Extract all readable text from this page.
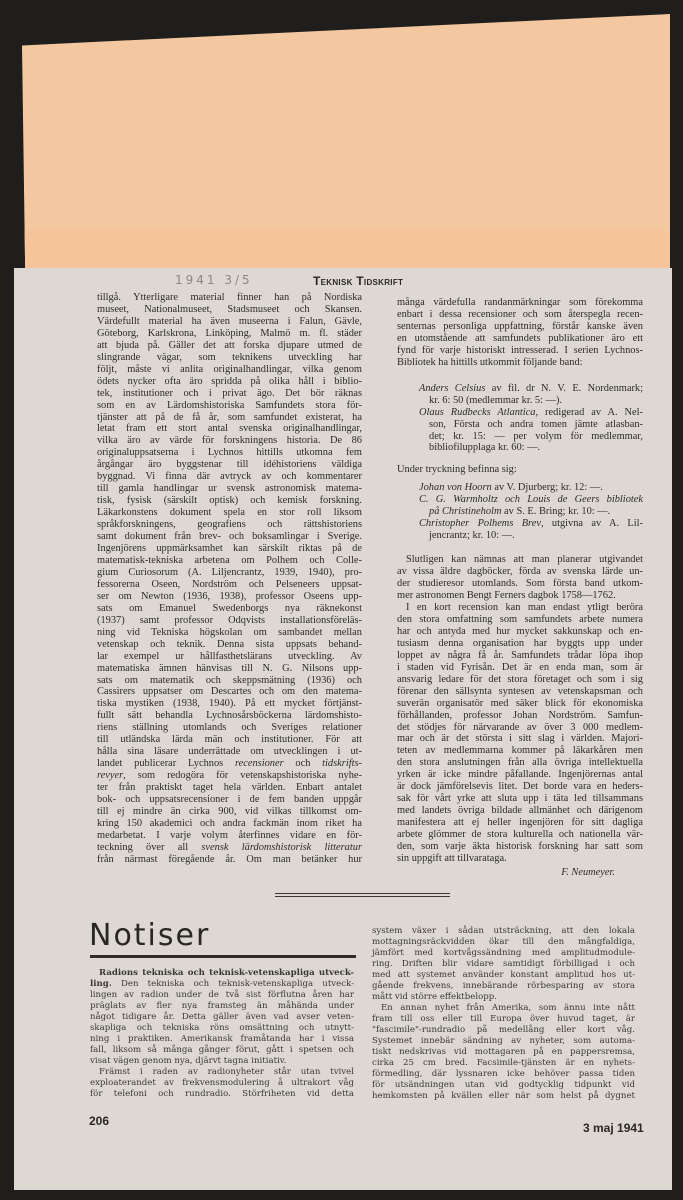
1941 3/5	Teknisk Tidskrift
tillgå. Ytterligare material finner han på Nordiska
museet, Nationalmuseet, Stadsmuseet och Skansen.
Värdefullt material ha även museerna i Falun, Gävle,
Göteborg, Karlskrona, Linköping, Malmö m. fl. städer
att bjuda på. Gäller det att forska djupare utmed de
slingrande vägar, som teknikens utveckling har
följt, måste vi anlita originalhandlingar, vilka genom
ödets nycker ofta äro spridda på olika håll i biblio-
tek, institutioner och i privat ägo. Det bör räknas
som en av Lärdomshistoriska Samfundets stora för-
tjänster att på de få år, som samfundet existerat, ha
letat fram ett stort antal svenska originalhandlingar,
vilka äro av värde för forskningens historia. De 86
originaluppsatserna i Lychnos hittills utkomna fem
årgångar äro byggstenar till idéhistoriens väldiga
byggnad. Vi finna där avtryck av och kommentarer
till gamla handlingar ur svensk astronomisk matema-
tisk, fysisk (särskilt optisk) och kemisk forskning.
Läkarkonstens dokument spela en stor roll liksom
språkforskningens, geografiens och rättshistoriens
samt dokument från brev- och boksamlingar i Sverige.
Ingenjörens uppmärksamhet kan särskilt riktas på de
matematisk-tekniska arbetena om Polhem och Colle-
gium Curiosorum (A. Liljencrantz, 1939, 1940), pro-
fessorerna Oseen, Nordström och Pelseneers uppsat-
ser om Newton (1936, 1938), professor Oseens upp-
sats om Emanuel Swedenborgs nya räknekonst
(1937) samt professor Odqvists installationsföreläs-
ning vid Tekniska högskolan om sambandet mellan
vetenskap och teknik. Denna sista uppsats behand-
lar exempel ur hållfasthetslärans utveckling. Av
matematiska ämnen hänvisas till N. G. Nilsons upp-
sats om matematik och skeppsmätning (1936) och
Cassirers uppsatser om Descartes och om den matema-
tiska mystiken (1938, 1940). På ett mycket förtjänst-
fullt sätt behandla Lychnosårsböckerna lärdomshisto-
riens ställning utomlands och Sveriges relationer
till utländska lärda män och institutioner. För att
hålla sina läsare underrättade om utvecklingen i ut-
landet publicerar Lychnos recensioner och tidskrifts-
revyer, som redogöra för vetenskapshistoriska nyhe-
ter från praktiskt taget hela världen. Enbart antalet
bok- och uppsatsrecensioner i de fem banden uppgår
till ej mindre än cirka 900, vid vilkas tillkomst om-
kring 150 akademici och andra fackmän inom riket ha
medarbetat. I varje volym återfinnes vidare en för-
teckning över all svensk lärdomshistorisk litteratur
från närmast föregående år. Om man betänker hur

många värdefulla randanmärkningar som förekomma
enbart i dessa recensioner och som återspegla recen-
senternas personliga uppfattning, förstår kanske även
en utomstående att samfundets publikationer äro ett
fynd för varje historiskt intresserad. I serien Lychnos-
Bibliotek ha hittills utkommit följande band:
Anders Celsius av fil. dr N. V. E. Nordenmark;
kr. 6: 50 (medlemmar kr. 5: —).
Olaus Rudbecks Atlantica, redigerad av A. Nel-
son, Första och andra tomen jämte atlasban-
det; kr. 15: — per volym för medlemmar,
bibliofilupplaga kr. 60: —.
Under tryckning befinna sig:
Johan von Hoorn av V. Djurberg; kr. 12: —.
C. G. Warmholtz och Louis de Geers bibliotek
på Christineholm av S. E. Bring; kr. 10: —.
Christopher Polhems Brev, utgivna av A. Lil-
jencrantz; kr. 10: —.
Slutligen kan nämnas att man planerar utgivandet
av vissa äldre dagböcker, förda av svenska lärde un-
der studieresor utomlands. Som första band utkom-
mer astronomen Bengt Ferners dagbok 1758—1762.
I en kort recension kan man endast ytligt beröra
den stora omfattning som samfundets arbete numera
har och antyda med hur mycket sakkunskap och en-
tusiasm denna organisation har byggts upp under
loppet av några få år. Samfundets trådar löpa ihop
i staden vid Fyrisån. Det är en enda man, som är
ansvarig ledare för det stora företaget och som i sig
förenar den sällsynta syntesen av vetenskapsman och
suverän organisatör med säker blick för ekonomiska
förhållanden, professor Johan Nordström. Samfun-
det stödjes för närvarande av över 3 000 medlem-
mar och är det största i sitt slag i världen. Majori-
teten av medlemmarna kommer på läkarkåren men
den stora anslutningen från alla övriga intellektuella
yrken är icke mindre påfallande. Ingenjörernas antal
är dock jämförelsevis litet. Det borde vara en heders-
sak för vårt yrke att sluta upp i täta led tillsammans
med landets övriga bildade allmänhet och därigenom
manifestera att ej heller ingenjören för sitt dagliga
arbete glömmer de stora kulturella och nationella vär-
den, som varje äkta historisk forskning har satt som
sin uppgift att tillvarataga.
F. Neumeyer.
Notiser
Radions tekniska och teknisk-vetenskapliga utveck-
ling. Den tekniska och teknisk-vetenskapliga utveck-
lingen av radion under de två sist förflutna åren har
präglats av fler nya framsteg än måhända under
något tidigare år. Detta gäller även vad avser veten-
skapliga och tekniska röns omsättning och utnytt-
ning i praktiken. Amerikansk framåtanda har i vissa
fall, liksom så många gånger förut, gått i spetsen och
visat vägen genom nya, djärvt tagna initiativ.
Främst i raden av radionyheter står utan tvivel
exploaterandet av frekvensmodulering å ultrakort våg
för telefoni och rundradio. Störfriheten vid detta

system växer i sådan utsträckning, att den lokala
mottagningsräckvidden ökar till den mångfaldiga,
jämfört med kortvågssändning med amplitudmodule-
ring. Driften blir vidare samtidigt förbilligad i och
med att systemet använder konstant amplitud hos ut-
gående frekvens, innebärande rörbesparing av stora
mått vid större effektbelopp.
En annan nyhet från Amerika, som ännu inte nått
fram till oss eller till Europa över huvud taget, är
"fascimile"-rundradio på medellång eller kort våg.
Systemet innebär sändning av nyheter, som automa-
tiskt nedskrivas vid mottagaren på en pappersremsa,
cirka 25 cm bred. Facsimile-tjänsten är en nyhets-
förmedling, där lyssnaren icke behöver passa tiden
för utsändningen utan vid godtycklig tidpunkt vid
hemkomsten på kvällen eller när som helst på dygnet

206	3 maj 1941
